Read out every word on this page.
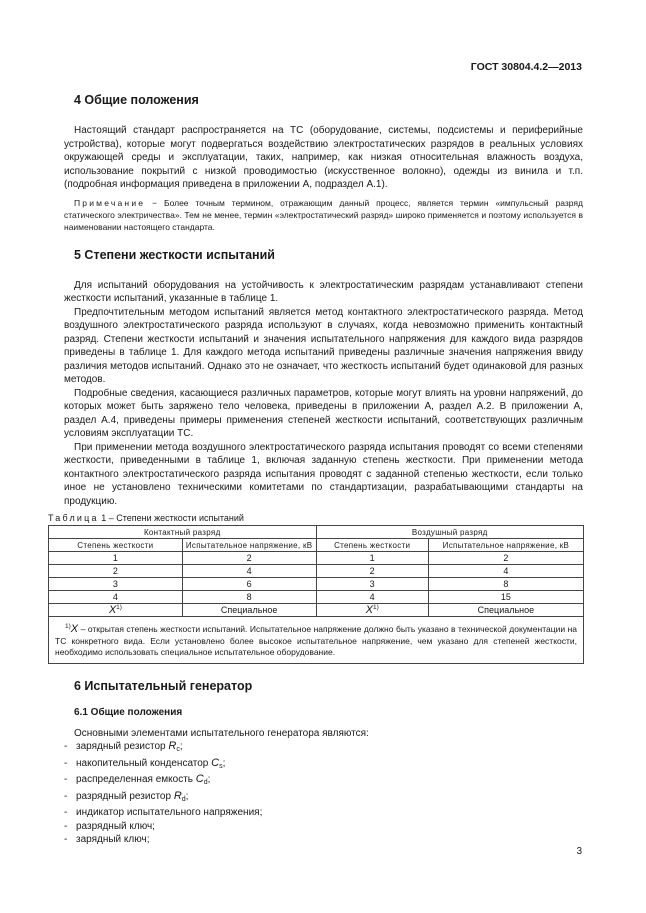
ГОСТ 30804.4.2—2013
4 Общие положения

Настоящий стандарт распространяется на ТС (оборудование, системы, подсистемы и периферийные устройства), которые могут подвергаться воздействию электростатических разрядов в реальных условиях окружающей среды и эксплуатации, таких, например, как низкая относительная влажность воздуха, использование покрытий с низкой проводимостью (искусственное волокно), одежды из винила и т.п. (подробная информация приведена в приложении А, подраздел А.1).

Примечание − Более точным термином, отражающим данный процесс, является термин «импульсный разряд статического электричества». Тем не менее, термин «электростатический разряд» широко применяется и поэтому используется в наименовании настоящего стандарта.

5 Степени жесткости испытаний

Для испытаний оборудования на устойчивость к электростатическим разрядам устанавливают степени жесткости испытаний, указанные в таблице 1.

Предпочтительным методом испытаний является метод контактного электростатического разряда. Метод воздушного электростатического разряда используют в случаях, когда невозможно применить контактный разряд. Степени жесткости испытаний и значения испытательного напряжения для каждого вида разрядов приведены в таблице 1. Для каждого метода испытаний приведены различные значения напряжения ввиду различия методов испытаний. Однако это не означает, что жесткость испытаний будет одинаковой для разных методов.

Подробные сведения, касающиеся различных параметров, которые могут влиять на уровни напряжений, до которых может быть заряжено тело человека, приведены в приложении А, раздел А.2. В приложении А, раздел А.4, приведены примеры применения степеней жесткости испытаний, соответствующих различным условиям эксплуатации ТС.

При применении метода воздушного электростатического разряда испытания проводят со всеми степенями жесткости, приведенными в таблице 1, включая заданную степень жесткости. При применении метода контактного электростатического разряда испытания проводят с заданной степенью жесткости, если только иное не установлено техническими комитетами по стандартизации, разрабатывающими стандарты на продукцию.

Таблица 1 – Степени жесткости испытаний
Контактный разряд		Воздушный разряд	
Степень жесткости	Испытательное напряжение, кВ	Степень жесткости	Испытательное напряжение, кВ
1	2	1	2
2	4	2	4
3	6	3	8
4	8	4	15
$X^{1)}$	Специальное	$X^{1)}$	Специальное
$^{1)}$X – открытая степень жесткости испытаний. Испытательное напряжение должно быть указано в технической документации на ТС конкретного вида. Если установлено более высокое испытательное напряжение, чем указано для степеней жесткости, необходимо использовать специальное испытательное оборудование.			
6 Испытательный генератор
6.1 Общие положения

Основными элементами испытательного генератора являются:

- зарядный резистор $R_c$;
- накопительный конденсатор $C_s$;
- распределенная емкость $C_d$;
- разрядный резистор $R_d$;
- индикатор испытательного напряжения;
- разрядный ключ;
- зарядный ключ;
3
